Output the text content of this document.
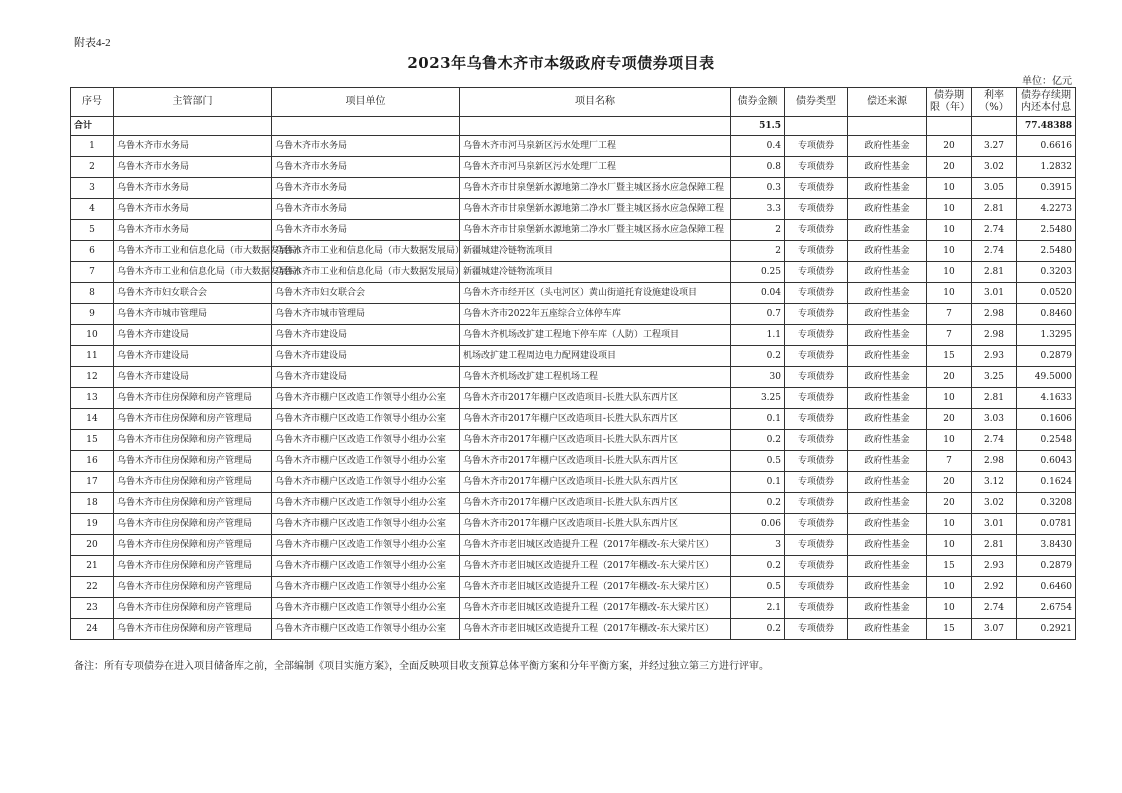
附表4-2
2023年乌鲁木齐市本级政府专项债券项目表
单位：亿元
序号	主管部门	项目单位	项目名称	债券金额	债券类型	偿还来源	债券期限（年）	利率（%）	债券存续期内还本付息
合计				51.5					77.48388
1	乌鲁木齐市水务局	乌鲁木齐市水务局	乌鲁木齐市河马泉新区污水处理厂工程	0.4	专项债券	政府性基金	20	3.27	0.6616
2	乌鲁木齐市水务局	乌鲁木齐市水务局	乌鲁木齐市河马泉新区污水处理厂工程	0.8	专项债券	政府性基金	20	3.02	1.2832
3	乌鲁木齐市水务局	乌鲁木齐市水务局	乌鲁木齐市甘泉堡新水源地第二净水厂暨主城区扬水应急保障工程	0.3	专项债券	政府性基金	10	3.05	0.3915
4	乌鲁木齐市水务局	乌鲁木齐市水务局	乌鲁木齐市甘泉堡新水源地第二净水厂暨主城区扬水应急保障工程	3.3	专项债券	政府性基金	10	2.81	4.2273
5	乌鲁木齐市水务局	乌鲁木齐市水务局	乌鲁木齐市甘泉堡新水源地第二净水厂暨主城区扬水应急保障工程	2	专项债券	政府性基金	10	2.74	2.5480
6	乌鲁木齐市工业和信息化局（市大数据发展局）	乌鲁木齐市工业和信息化局（市大数据发展局）	新疆城建冷链物流项目	2	专项债券	政府性基金	10	2.74	2.5480
7	乌鲁木齐市工业和信息化局（市大数据发展局）	乌鲁木齐市工业和信息化局（市大数据发展局）	新疆城建冷链物流项目	0.25	专项债券	政府性基金	10	2.81	0.3203
8	乌鲁木齐市妇女联合会	乌鲁木齐市妇女联合会	乌鲁木齐市经开区（头屯河区）黄山街道托育设施建设项目	0.04	专项债券	政府性基金	10	3.01	0.0520
9	乌鲁木齐市城市管理局	乌鲁木齐市城市管理局	乌鲁木齐市2022年五座综合立体停车库	0.7	专项债券	政府性基金	7	2.98	0.8460
10	乌鲁木齐市建设局	乌鲁木齐市建设局	乌鲁木齐机场改扩建工程地下停车库（人防）工程项目	1.1	专项债券	政府性基金	7	2.98	1.3295
11	乌鲁木齐市建设局	乌鲁木齐市建设局	机场改扩建工程周边电力配网建设项目	0.2	专项债券	政府性基金	15	2.93	0.2879
12	乌鲁木齐市建设局	乌鲁木齐市建设局	乌鲁木齐机场改扩建工程机场工程	30	专项债券	政府性基金	20	3.25	49.5000
13	乌鲁木齐市住房保障和房产管理局	乌鲁木齐市棚户区改造工作领导小组办公室	乌鲁木齐市2017年棚户区改造项目-长胜大队东西片区	3.25	专项债券	政府性基金	10	2.81	4.1633
14	乌鲁木齐市住房保障和房产管理局	乌鲁木齐市棚户区改造工作领导小组办公室	乌鲁木齐市2017年棚户区改造项目-长胜大队东西片区	0.1	专项债券	政府性基金	20	3.03	0.1606
15	乌鲁木齐市住房保障和房产管理局	乌鲁木齐市棚户区改造工作领导小组办公室	乌鲁木齐市2017年棚户区改造项目-长胜大队东西片区	0.2	专项债券	政府性基金	10	2.74	0.2548
16	乌鲁木齐市住房保障和房产管理局	乌鲁木齐市棚户区改造工作领导小组办公室	乌鲁木齐市2017年棚户区改造项目-长胜大队东西片区	0.5	专项债券	政府性基金	7	2.98	0.6043
17	乌鲁木齐市住房保障和房产管理局	乌鲁木齐市棚户区改造工作领导小组办公室	乌鲁木齐市2017年棚户区改造项目-长胜大队东西片区	0.1	专项债券	政府性基金	20	3.12	0.1624
18	乌鲁木齐市住房保障和房产管理局	乌鲁木齐市棚户区改造工作领导小组办公室	乌鲁木齐市2017年棚户区改造项目-长胜大队东西片区	0.2	专项债券	政府性基金	20	3.02	0.3208
19	乌鲁木齐市住房保障和房产管理局	乌鲁木齐市棚户区改造工作领导小组办公室	乌鲁木齐市2017年棚户区改造项目-长胜大队东西片区	0.06	专项债券	政府性基金	10	3.01	0.0781
20	乌鲁木齐市住房保障和房产管理局	乌鲁木齐市棚户区改造工作领导小组办公室	乌鲁木齐市老旧城区改造提升工程（2017年棚改-东大梁片区）	3	专项债券	政府性基金	10	2.81	3.8430
21	乌鲁木齐市住房保障和房产管理局	乌鲁木齐市棚户区改造工作领导小组办公室	乌鲁木齐市老旧城区改造提升工程（2017年棚改-东大梁片区）	0.2	专项债券	政府性基金	15	2.93	0.2879
22	乌鲁木齐市住房保障和房产管理局	乌鲁木齐市棚户区改造工作领导小组办公室	乌鲁木齐市老旧城区改造提升工程（2017年棚改-东大梁片区）	0.5	专项债券	政府性基金	10	2.92	0.6460
23	乌鲁木齐市住房保障和房产管理局	乌鲁木齐市棚户区改造工作领导小组办公室	乌鲁木齐市老旧城区改造提升工程（2017年棚改-东大梁片区）	2.1	专项债券	政府性基金	10	2.74	2.6754
24	乌鲁木齐市住房保障和房产管理局	乌鲁木齐市棚户区改造工作领导小组办公室	乌鲁木齐市老旧城区改造提升工程（2017年棚改-东大梁片区）	0.2	专项债券	政府性基金	15	3.07	0.2921
备注：所有专项债券在进入项目储备库之前，全部编制《项目实施方案》，全面反映项目收支预算总体平衡方案和分年平衡方案，并经过独立第三方进行评审。
